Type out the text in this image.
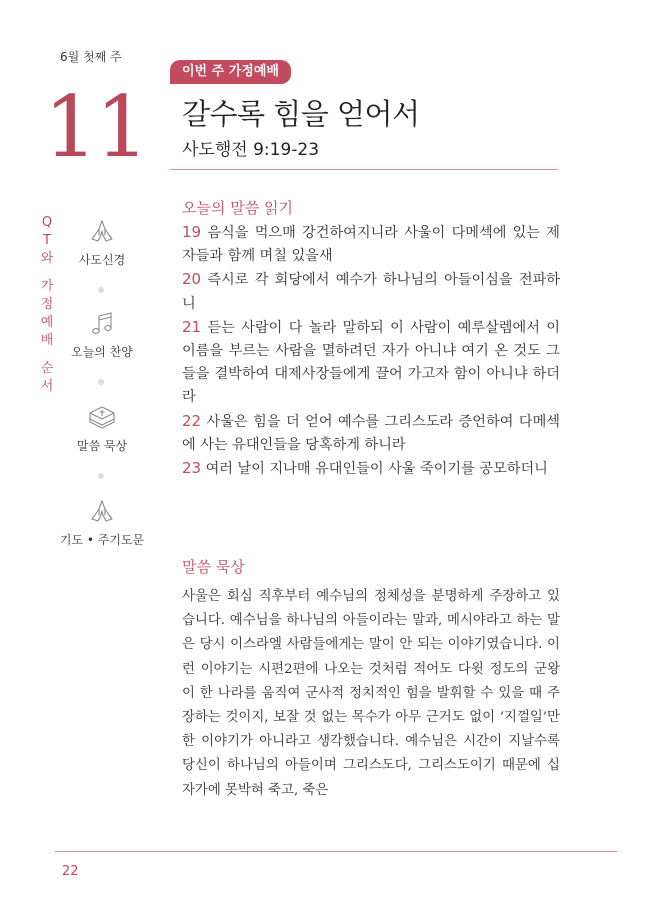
6월 첫째 주
11
이번 주 가정예배
갈수록 힘을 얻어서
사도행전 9:19-23
Q
T
와
가
정
예
배
순
서
사도신경
오늘의 찬양
말씀 묵상
기도 • 주기도문
오늘의 말씀 읽기

19 음식을 먹으매 강건하여지니라 사울이 다메섹에 있는 제자들과 함께 며칠 있을새

20 즉시로 각 회당에서 예수가 하나님의 아들이심을 전파하니

21 듣는 사람이 다 놀라 말하되 이 사람이 예루살렘에서 이 이름을 부르는 사람을 멸하려던 자가 아니냐 여기 온 것도 그들을 결박하여 대제사장들에게 끌어 가고자 함이 아니냐 하더라

22 사울은 힘을 더 얻어 예수를 그리스도라 증언하여 다메섹에 사는 유대인들을 당혹하게 하니라

23 여러 날이 지나매 유대인들이 사울 죽이기를 공모하더니

말씀 묵상
사울은 회심 직후부터 예수님의 정체성을 분명하게 주장하고 있습니다. 예수님을 하나님의 아들이라는 말과, 메시야라고 하는 말은 당시 이스라엘 사람들에게는 말이 안 되는 이야기였습니다. 이런 이야기는 시편2편에 나오는 것처럼 적어도 다윗 정도의 군왕이 한 나라를 움직여 군사적 정치적인 힘을 발휘할 수 있을 때 주장하는 것이지, 보잘 것 없는 목수가 아무 근거도 없이 ‘지껄일’만한 이야기가 아니라고 생각했습니다. 예수님은 시간이 지날수록 당신이 하나님의 아들이며 그리스도다, 그리스도이기 때문에 십자가에 못박혀 죽고, 죽은
22
